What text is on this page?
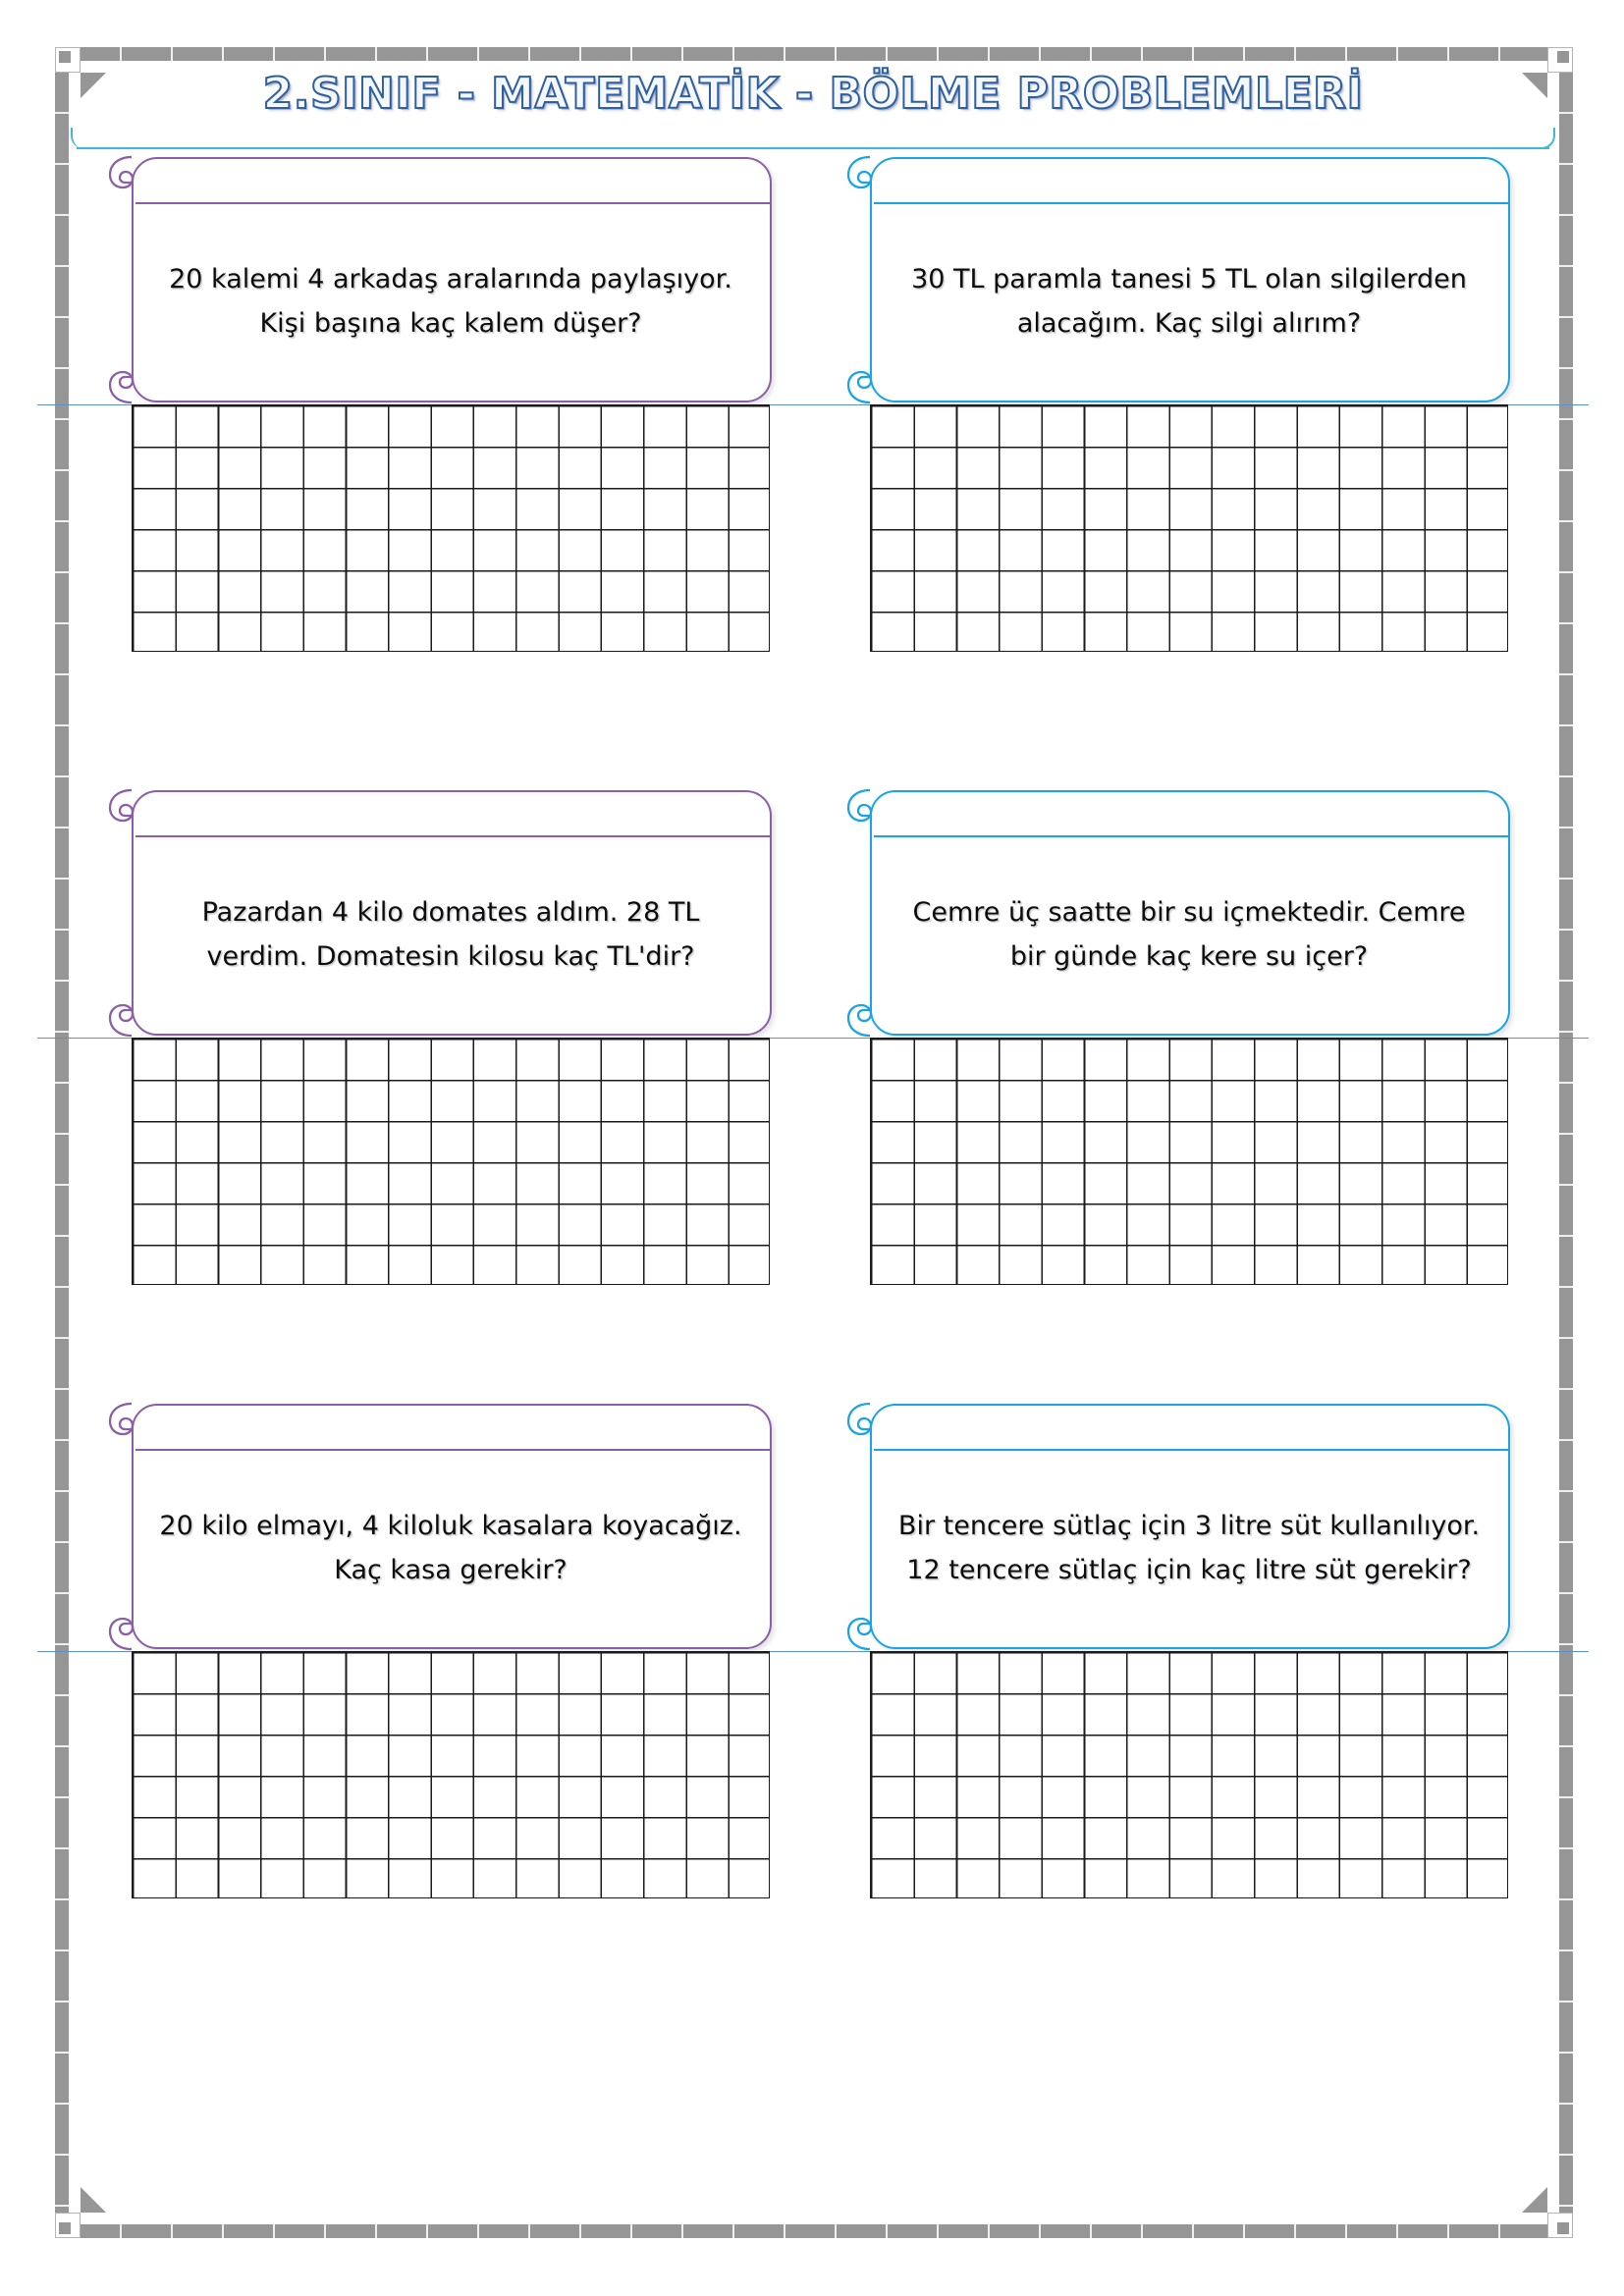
2.SINIF - MATEMATİK - BÖLME PROBLEMLERİ
20 kalemi 4 arkadaş aralarında paylaşıyor. Kişi başına kaç kalem düşer?
30 TL paramla tanesi 5 TL olan silgilerden alacağım. Kaç silgi alırım?
Pazardan 4 kilo domates aldım. 28 TL verdim. Domatesin kilosu kaç TL'dir?
Cemre üç saatte bir su içmektedir. Cemre bir günde kaç kere su içer?
20 kilo elmayı, 4 kiloluk kasalara koyacağız. Kaç kasa gerekir?
Bir tencere sütlaç için 3 litre süt kullanılıyor. 12 tencere sütlaç için kaç litre süt gerekir?
